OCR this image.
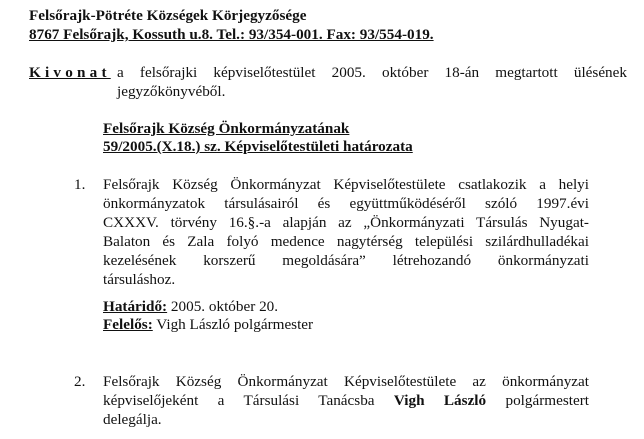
Felsőrajk-Pötréte Községek Körjegyzősége
8767 Felsőrajk, Kossuth u.8. Tel.: 93/354-001. Fax: 93/554-019.
Kivonat a felsőrajki képviselőtestület 2005. október 18-án megtartott ülésének
jegyzőkönyvéből.
Felsőrajk Község Önkormányzatának
59/2005.(X.18.) sz. Képviselőtestületi határozata
1. Felsőrajk Község Önkormányzat Képviselőtestülete csatlakozik a helyi
önkormányzatok társulásairól és együttműködéséről szóló 1997.évi
CXXXV. törvény 16.§.-a alapján az „Önkormányzati Társulás Nyugat-
Balaton és Zala folyó medence nagytérség települési szilárdhulladékai
kezelésének korszerű megoldására” létrehozandó önkormányzati
társuláshoz.
Határidő: 2005. október 20.
Felelős: Vigh László polgármester
2. Felsőrajk Község Önkormányzat Képviselőtestülete az önkormányzat
képviselőjeként a Társulási Tanácsba Vigh László polgármestert
delegálja.
